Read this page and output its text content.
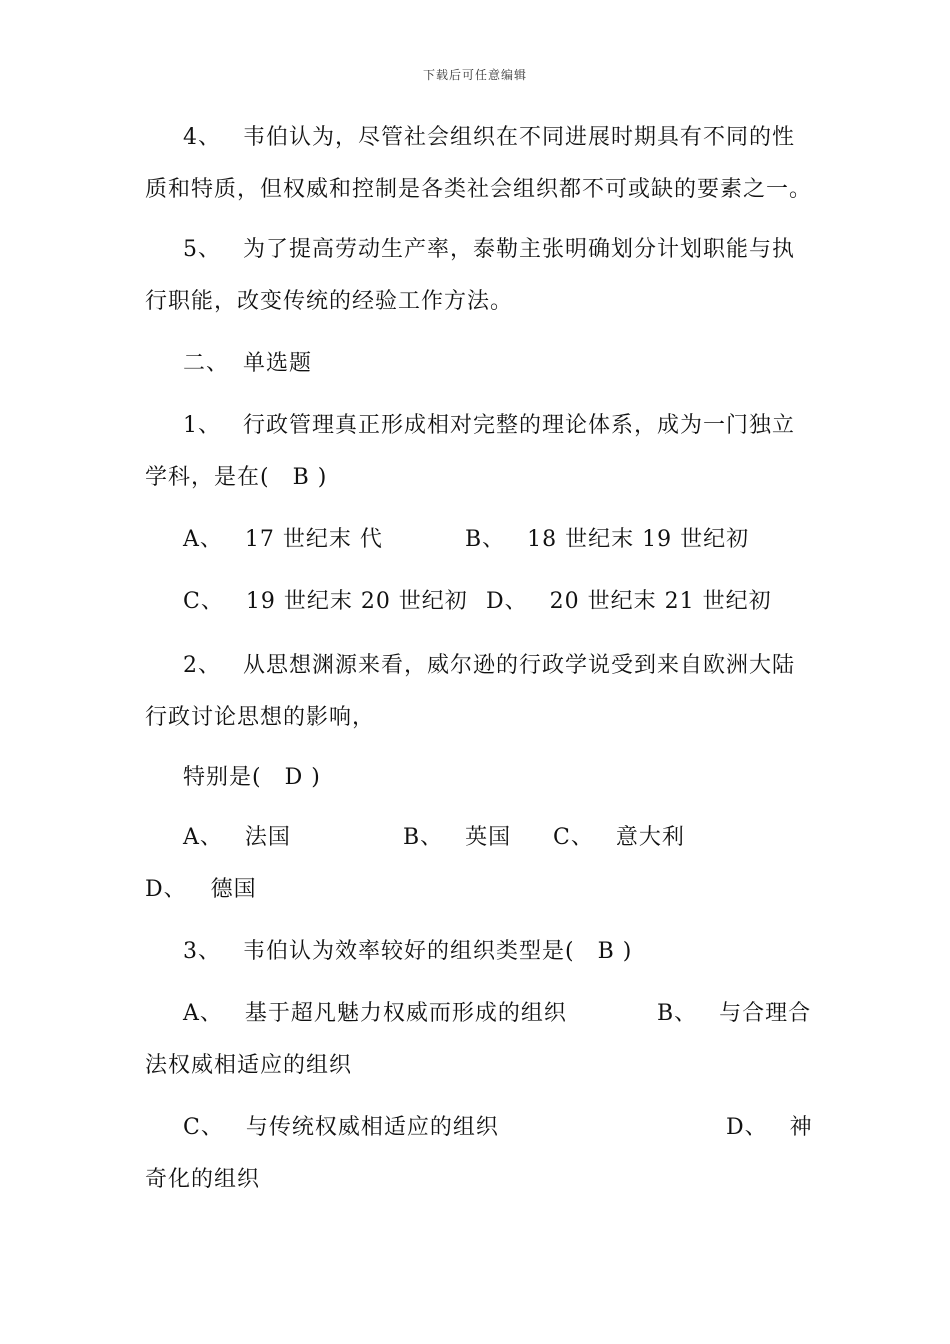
下载后可任意编辑
4、 韦伯认为，尽管社会组织在不同进展时期具有不同的性
质和特质，但权威和控制是各类社会组织都不可或缺的要素之一。
5、 为了提高劳动生产率，泰勒主张明确划分计划职能与执
行职能，改变传统的经验工作方法。
二、 单选题
1、 行政管理真正形成相对完整的理论体系，成为一门独立
学科，是在(　B )
A、 17 世纪末 代	B、 18 世纪末 19 世纪初
C、 19 世纪末 20 世纪初 D、 20 世纪末 21 世纪初
2、 从思想渊源来看，威尔逊的行政学说受到来自欧洲大陆
行政讨论思想的影响，
特别是(　D )
A、 法国	B、 英国 C、 意大利
D、 德国
3、 韦伯认为效率较好的组织类型是(　B )
A、 基于超凡魅力权威而形成的组织	B、 与合理合
法权威相适应的组织
C、 与传统权威相适应的组织	D、 神
奇化的组织
